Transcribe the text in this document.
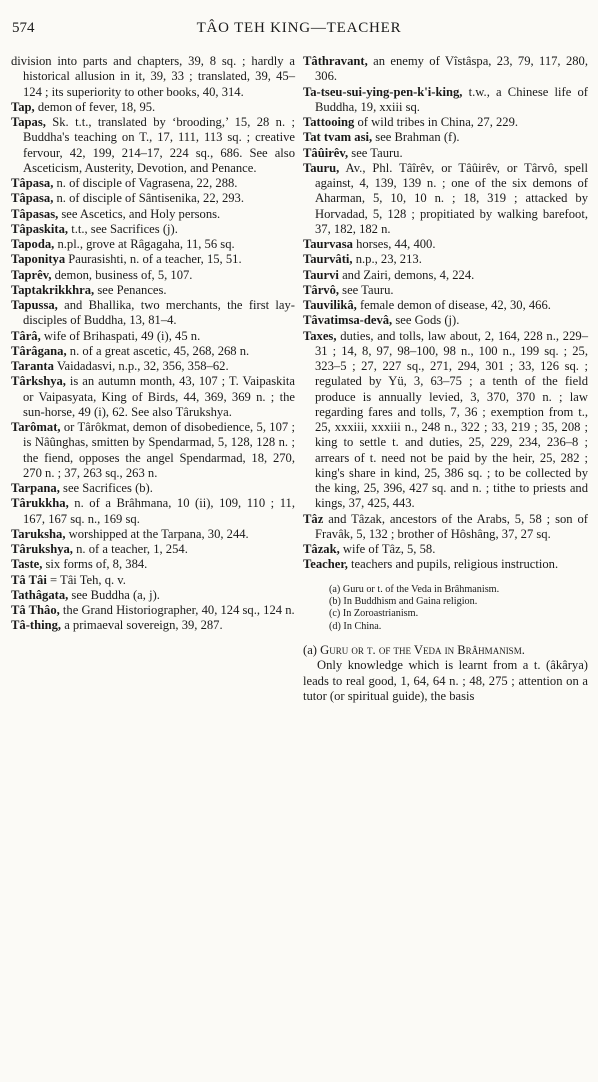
574	TÂO TEH KING—TEACHER

division into parts and chapters, 39, 8 sq. ; hardly a historical allusion in it, 39, 33 ; translated, 39, 45–124 ; its superiority to other books, 40, 314.

Tap, demon of fever, 18, 95.

Tapas, Sk. t.t., translated by ‘brooding,’ 15, 28 n. ; Buddha's teaching on T., 17, 111, 113 sq. ; creative fervour, 42, 199, 214–17, 224 sq., 686. See also Asceticism, Austerity, Devotion, and Penance.

Tâpasa, n. of disciple of Vagrasena, 22, 288.

Tâpasa, n. of disciple of Sântisenika, 22, 293.

Tâpasas, see Ascetics, and Holy persons.

Tâpaskita, t.t., see Sacrifices (j).

Tapoda, n.pl., grove at Râgagaha, 11, 56 sq.

Taponitya Paurasishti, n. of a teacher, 15, 51.

Taprêv, demon, business of, 5, 107.

Taptakrikkhra, see Penances.

Tapussa, and Bhallika, two merchants, the first lay-disciples of Buddha, 13, 81–4.

Târâ, wife of Brihaspati, 49 (i), 45 n.

Târâgana, n. of a great ascetic, 45, 268, 268 n.

Taranta Vaidadasvi, n.p., 32, 356, 358–62.

Târkshya, is an autumn month, 43, 107 ; T. Vaipaskita or Vaipasyata, King of Birds, 44, 369, 369 n. ; the sun-horse, 49 (i), 62. See also Târukshya.

Tarômat, or Târôkmat, demon of disobedience, 5, 107 ; is Nâûnghas, smitten by Spendarmad, 5, 128, 128 n. ; the fiend, opposes the angel Spendarmad, 18, 270, 270 n. ; 37, 263 sq., 263 n.

Tarpana, see Sacrifices (b).

Târukkha, n. of a Brâhmana, 10 (ii), 109, 110 ; 11, 167, 167 sq. n., 169 sq.

Taruksha, worshipped at the Tarpana, 30, 244.

Târukshya, n. of a teacher, 1, 254.

Taste, six forms of, 8, 384.

Tâ Tâi = Tâi Teh, q. v.

Tathâgata, see Buddha (a, j).

Tâ Thâo, the Grand Historiographer, 40, 124 sq., 124 n.

Tâ-thing, a primaeval sovereign, 39, 287.

Tâthravant, an enemy of Vîstâspa, 23, 79, 117, 280, 306.

Ta-tseu-sui-ying-pen-k'i-king, t.w., a Chinese life of Buddha, 19, xxiii sq.

Tattooing of wild tribes in China, 27, 229.

Tat tvam asi, see Brahman (f).

Tâûirêv, see Tauru.

Tauru, Av., Phl. Tâîrêv, or Tâûirêv, or Târvô, spell against, 4, 139, 139 n. ; one of the six demons of Aharman, 5, 10, 10 n. ; 18, 319 ; attacked by Horvadad, 5, 128 ; propitiated by walking barefoot, 37, 182, 182 n.

Taurvasa horses, 44, 400.

Taurvâti, n.p., 23, 213.

Taurvi and Zairi, demons, 4, 224.

Târvô, see Tauru.

Tauvilikâ, female demon of disease, 42, 30, 466.

Tâvatimsa-devâ, see Gods (j).

Taxes, duties, and tolls, law about, 2, 164, 228 n., 229–31 ; 14, 8, 97, 98–100, 98 n., 100 n., 199 sq. ; 25, 323–5 ; 27, 227 sq., 271, 294, 301 ; 33, 126 sq. ; regulated by Yü, 3, 63–75 ; a tenth of the field produce is annually levied, 3, 370, 370 n. ; law regarding fares and tolls, 7, 36 ; exemption from t., 25, xxxiii, xxxiii n., 248 n., 322 ; 33, 219 ; 35, 208 ; king to settle t. and duties, 25, 229, 234, 236–8 ; arrears of t. need not be paid by the heir, 25, 282 ; king's share in kind, 25, 386 sq. ; to be collected by the king, 25, 396, 427 sq. and n. ; tithe to priests and kings, 37, 425, 443.

Tâz and Tâzak, ancestors of the Arabs, 5, 58 ; son of Fravâk, 5, 132 ; brother of Hôshâng, 37, 27 sq.

Tâzak, wife of Tâz, 5, 58.

Teacher, teachers and pupils, religious instruction.

(a) Guru or t. of the Veda in Brâhmanism.

(b) In Buddhism and Gaina religion.

(c) In Zoroastrianism.

(d) In China.

(a) Guru or t. of the Veda in Brâhmanism.

Only knowledge which is learnt from a t. (âkârya) leads to real good, 1, 64, 64 n. ; 48, 275 ; attention on a tutor (or spiritual guide), the basis
